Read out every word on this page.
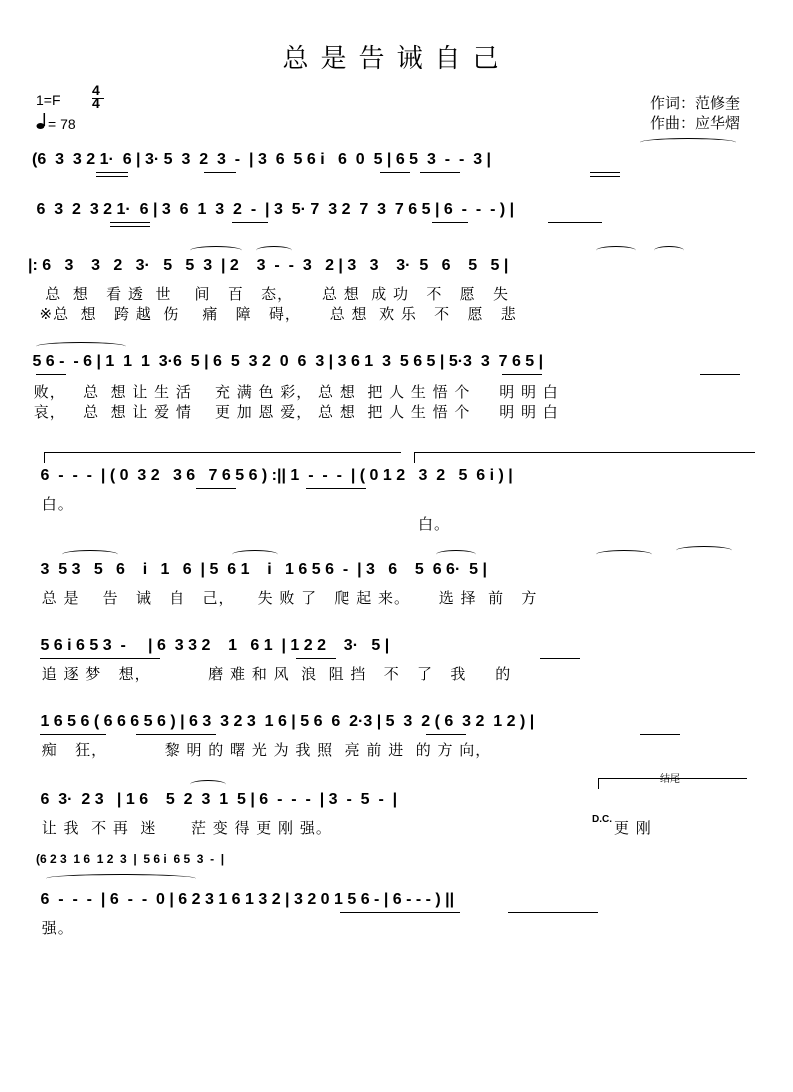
总是告诫自己
1=F
4
4
= 78
作词：范修奎
作曲：应华熠
(6  3  3 2 1·  6 | 3· 5  3  2  3  -  | 3  6  5 6 i   6  0  5 | 6 5  3  -  -  3 |
6  3  2  3 2 1·  6 | 3  6  1  3  2  -  | 3  5· 7  3 2  7  3  7 6 5 | 6  -  -  - ) |
|: 6   3    3   2   3·   5   5  3  | 2    3  -  -  3   2 | 3   3    3·  5   6    5   5 |
总  想   看 透  世    间   百   态，     总 想  成 功   不   愿   失
※总  想   跨 越  伤    痛   障   碍，     总 想  欢 乐   不   愿   悲
5 6 -  - 6 | 1  1  1  3·6  5 | 6  5  3 2  0  6  3 | 3 6 1  3  5 6 5 | 5·3  3  7 6 5 |
败，   总  想 让 生 活    充 满 色 彩， 总 想  把 人 生 悟 个     明 明 白
哀，   总  想 让 爱 情    更 加 恩 爱， 总 想  把 人 生 悟 个     明 明 白
6  -  -  -  | ( 0  3 2   3 6   7 6 5 6 ) :|| 1  -  -  -  | ( 0 1 2   3  2   5  6 i ) |
白。
白。
3  5 3   5   6    i   1   6  | 5  6 1    i   1 6 5 6  -  | 3   6    5  6 6·  5 |
总 是    告   诫   自   己，    失 败 了   爬 起 来。     选 择  前   方
5 6 i 6 5 3  -     | 6  3 3 2    1   6 1  | 1 2 2    3·   5 |
追 逐 梦   想，          磨 难 和 风  浪  阻 挡   不   了   我     的
1 6 5 6 ( 6 6 6 5 6 ) | 6 3  3 2 3  1 6 | 5 6  6  2·3 | 5  3  2 ( 6  3 2  1 2 ) |
痴   狂，          黎 明 的 曙 光 为 我 照  亮 前 进  的 方 向，
6  3·  2 3   | 1 6    5  2  3  1  5 | 6  -  -  -  | 3  -  5  -  |
结尾
让 我  不 再  迷      茫 变 得 更 刚 强。	D.C. 更 刚
(6 2 3  1 6  1 2  3  |  5 6 i  6 5  3  -  |
6  -  -  -  | 6  -  -  0 | 6 2 3 1 6 1 3 2 | 3 2 0 1 5 6 - | 6 - - - ) ||
强。
